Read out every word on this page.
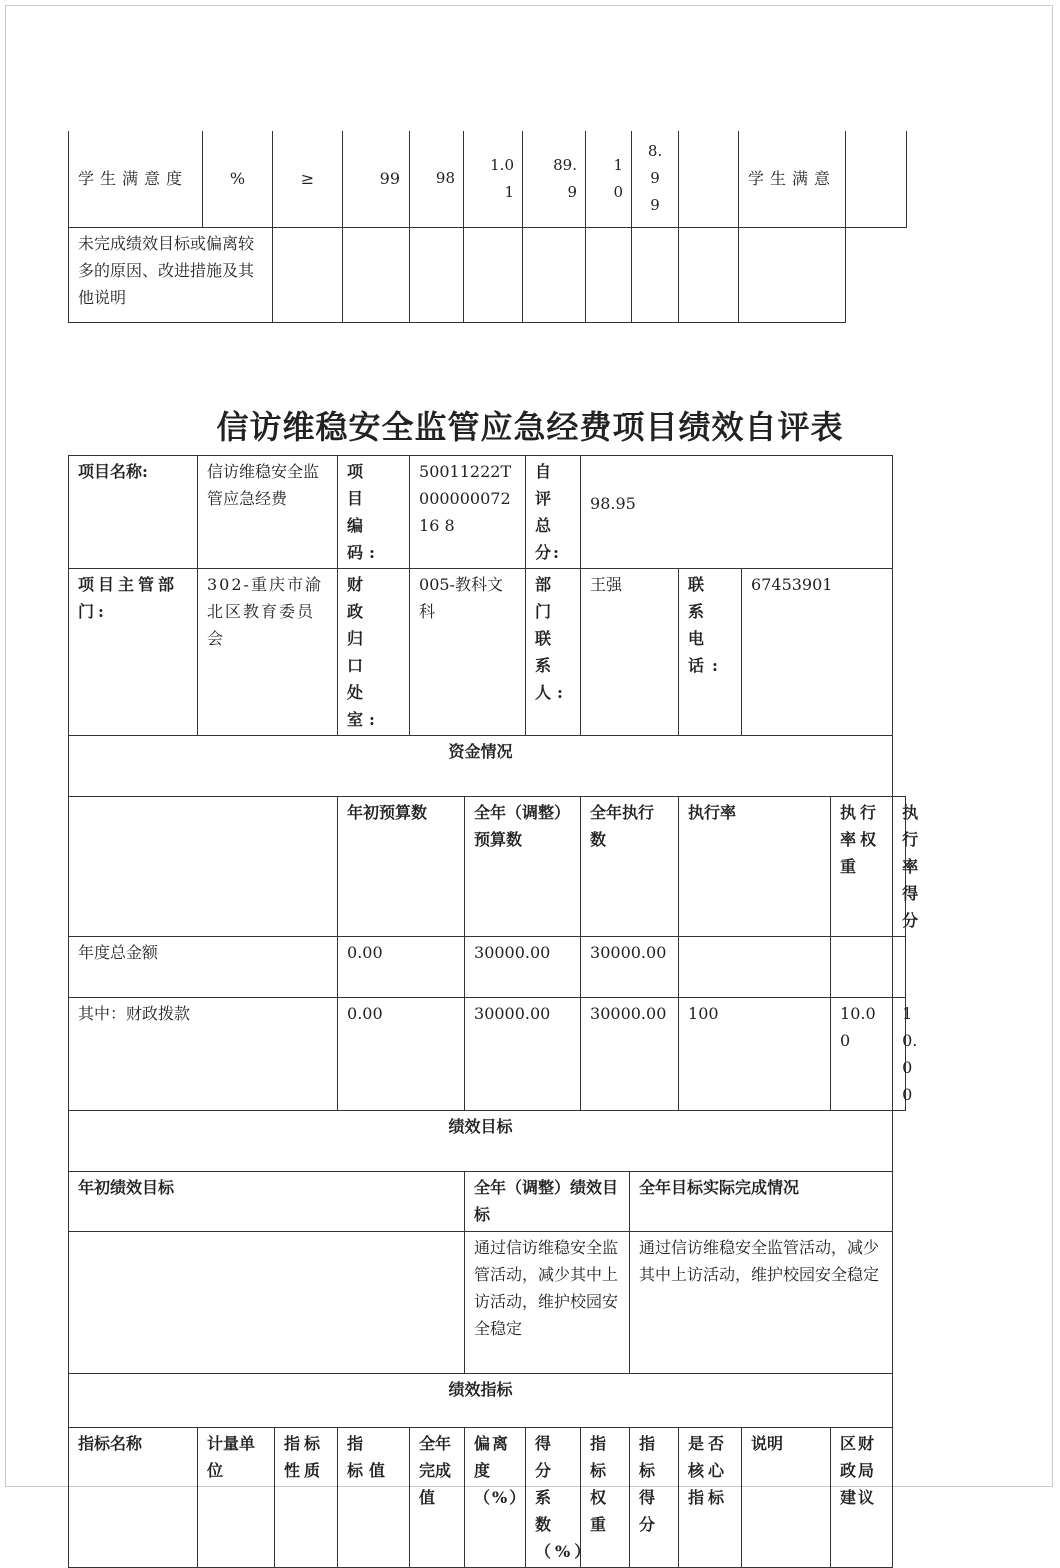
学生满意度	%	≥	99	98	1.01	89.9	10	8.99		学生满意	
未完成绩效目标或偏离较多的原因、改进措施及其他说明											
信访维稳安全监管应急经费项目绩效自评表
项目名称:	信访维稳安全监管应急经费		项 目 编码:	50011222T00000007216 8		自 评 总分:	98.95					
项目主管部门:	302-重庆市渝北区教育委员会		财 政 归 口 处室:	005-教科文科		部 门 联 系 人:	王强		联 系 电 话:	67453901		
资金情况												
			年初预算数		全年（调整）预算数		全年执行数		执行率		执行率权重	执行率得分
年度总金额			0.00		30000.00		30000.00					
其中：财政拨款			0.00		30000.00		30000.00		100		10.00	10.00
绩效目标												
年初绩效目标					全年（调整）绩效目标			全年目标实际完成情况				
					通过信访维稳安全监管活动，减少其中上访活动，维护校园安全稳定			通过信访维稳安全监管活动，减少其中上访活动，维护校园安全稳定				
绩效指标												
指标名称	计量单位	指标性质	指 标值	全年完成值	偏离度（%）	得分系数（%）	指标权重	指标得分	是否核心指标	说明	区财政局建议	
